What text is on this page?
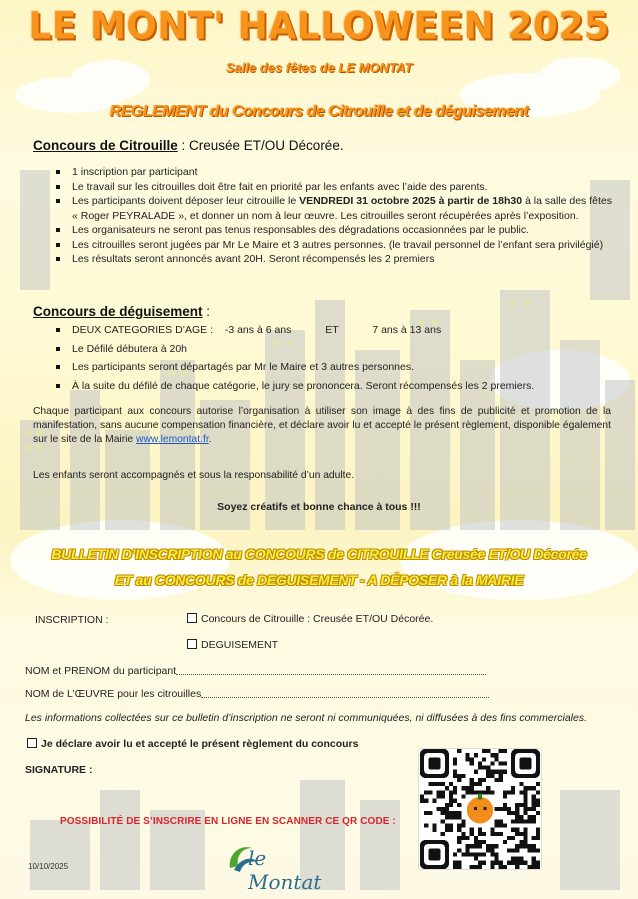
LE MONT' HALLOWEEN 2025
Salle des fêtes de LE MONTAT
REGLEMENT du Concours de Citrouille et de déguisement
Concours de Citrouille : Creusée ET/OU Décorée.
1 inscription par participant
Le travail sur les citrouilles doit être fait en priorité par les enfants avec l’aide des parents.
Les participants doivent déposer leur citrouille le VENDREDI 31 octobre 2025 à partir de 18h30 à la salle des fêtes « Roger PEYRALADE », et donner un nom à leur œuvre. Les citrouilles seront récupérées après l’exposition.
Les organisateurs ne seront pas tenus responsables des dégradations occasionnées par le public.
Les citrouilles seront jugées par Mr Le Maire et 3 autres personnes. (le travail personnel de l’enfant sera privilégié)
Les résultats seront annoncés avant 20H. Seront récompensés les 2 premiers
Concours de déguisement :
DEUX CATEGORIES D’AGE : -3 ans à 6 ans	ET	7 ans à 13 ans
Le Défilé débutera à 20h
Les participants seront départagés par Mr le Maire et 3 autres personnes.
À la suite du défilé de chaque catégorie, le jury se prononcera. Seront récompensés les 2 premiers.
Chaque participant aux concours autorise l’organisation à utiliser son image à des fins de publicité et promotion de la manifestation, sans aucune compensation financière, et déclare avoir lu et accepté le présent règlement, disponible également sur le site de la Mairie www.lemontat.fr.
Les enfants seront accompagnés et sous la responsabilité d’un adulte.
Soyez créatifs et bonne chance à tous !!!
BULLETIN D’INSCRIPTION au CONCOURS de CITROUILLE Creusée ET/OU Décorée
ET au CONCOURS de DEGUISEMENT - A DÉPOSER à la MAIRIE
INSCRIPTION :	Concours de Citrouille : Creusée ET/OU Décorée.
DEGUISEMENT
NOM et PRENOM du participant
NOM de L’ŒUVRE pour les citrouilles
Les informations collectées sur ce bulletin d’inscription ne seront ni communiquées, ni diffusées à des fins commerciales.
Je déclare avoir lu et accepté le présent règlement du concours
SIGNATURE :
POSSIBILITÉ DE S’INSCRIRE EN LIGNE EN SCANNER CE QR CODE :
10/10/2025	le Montat
